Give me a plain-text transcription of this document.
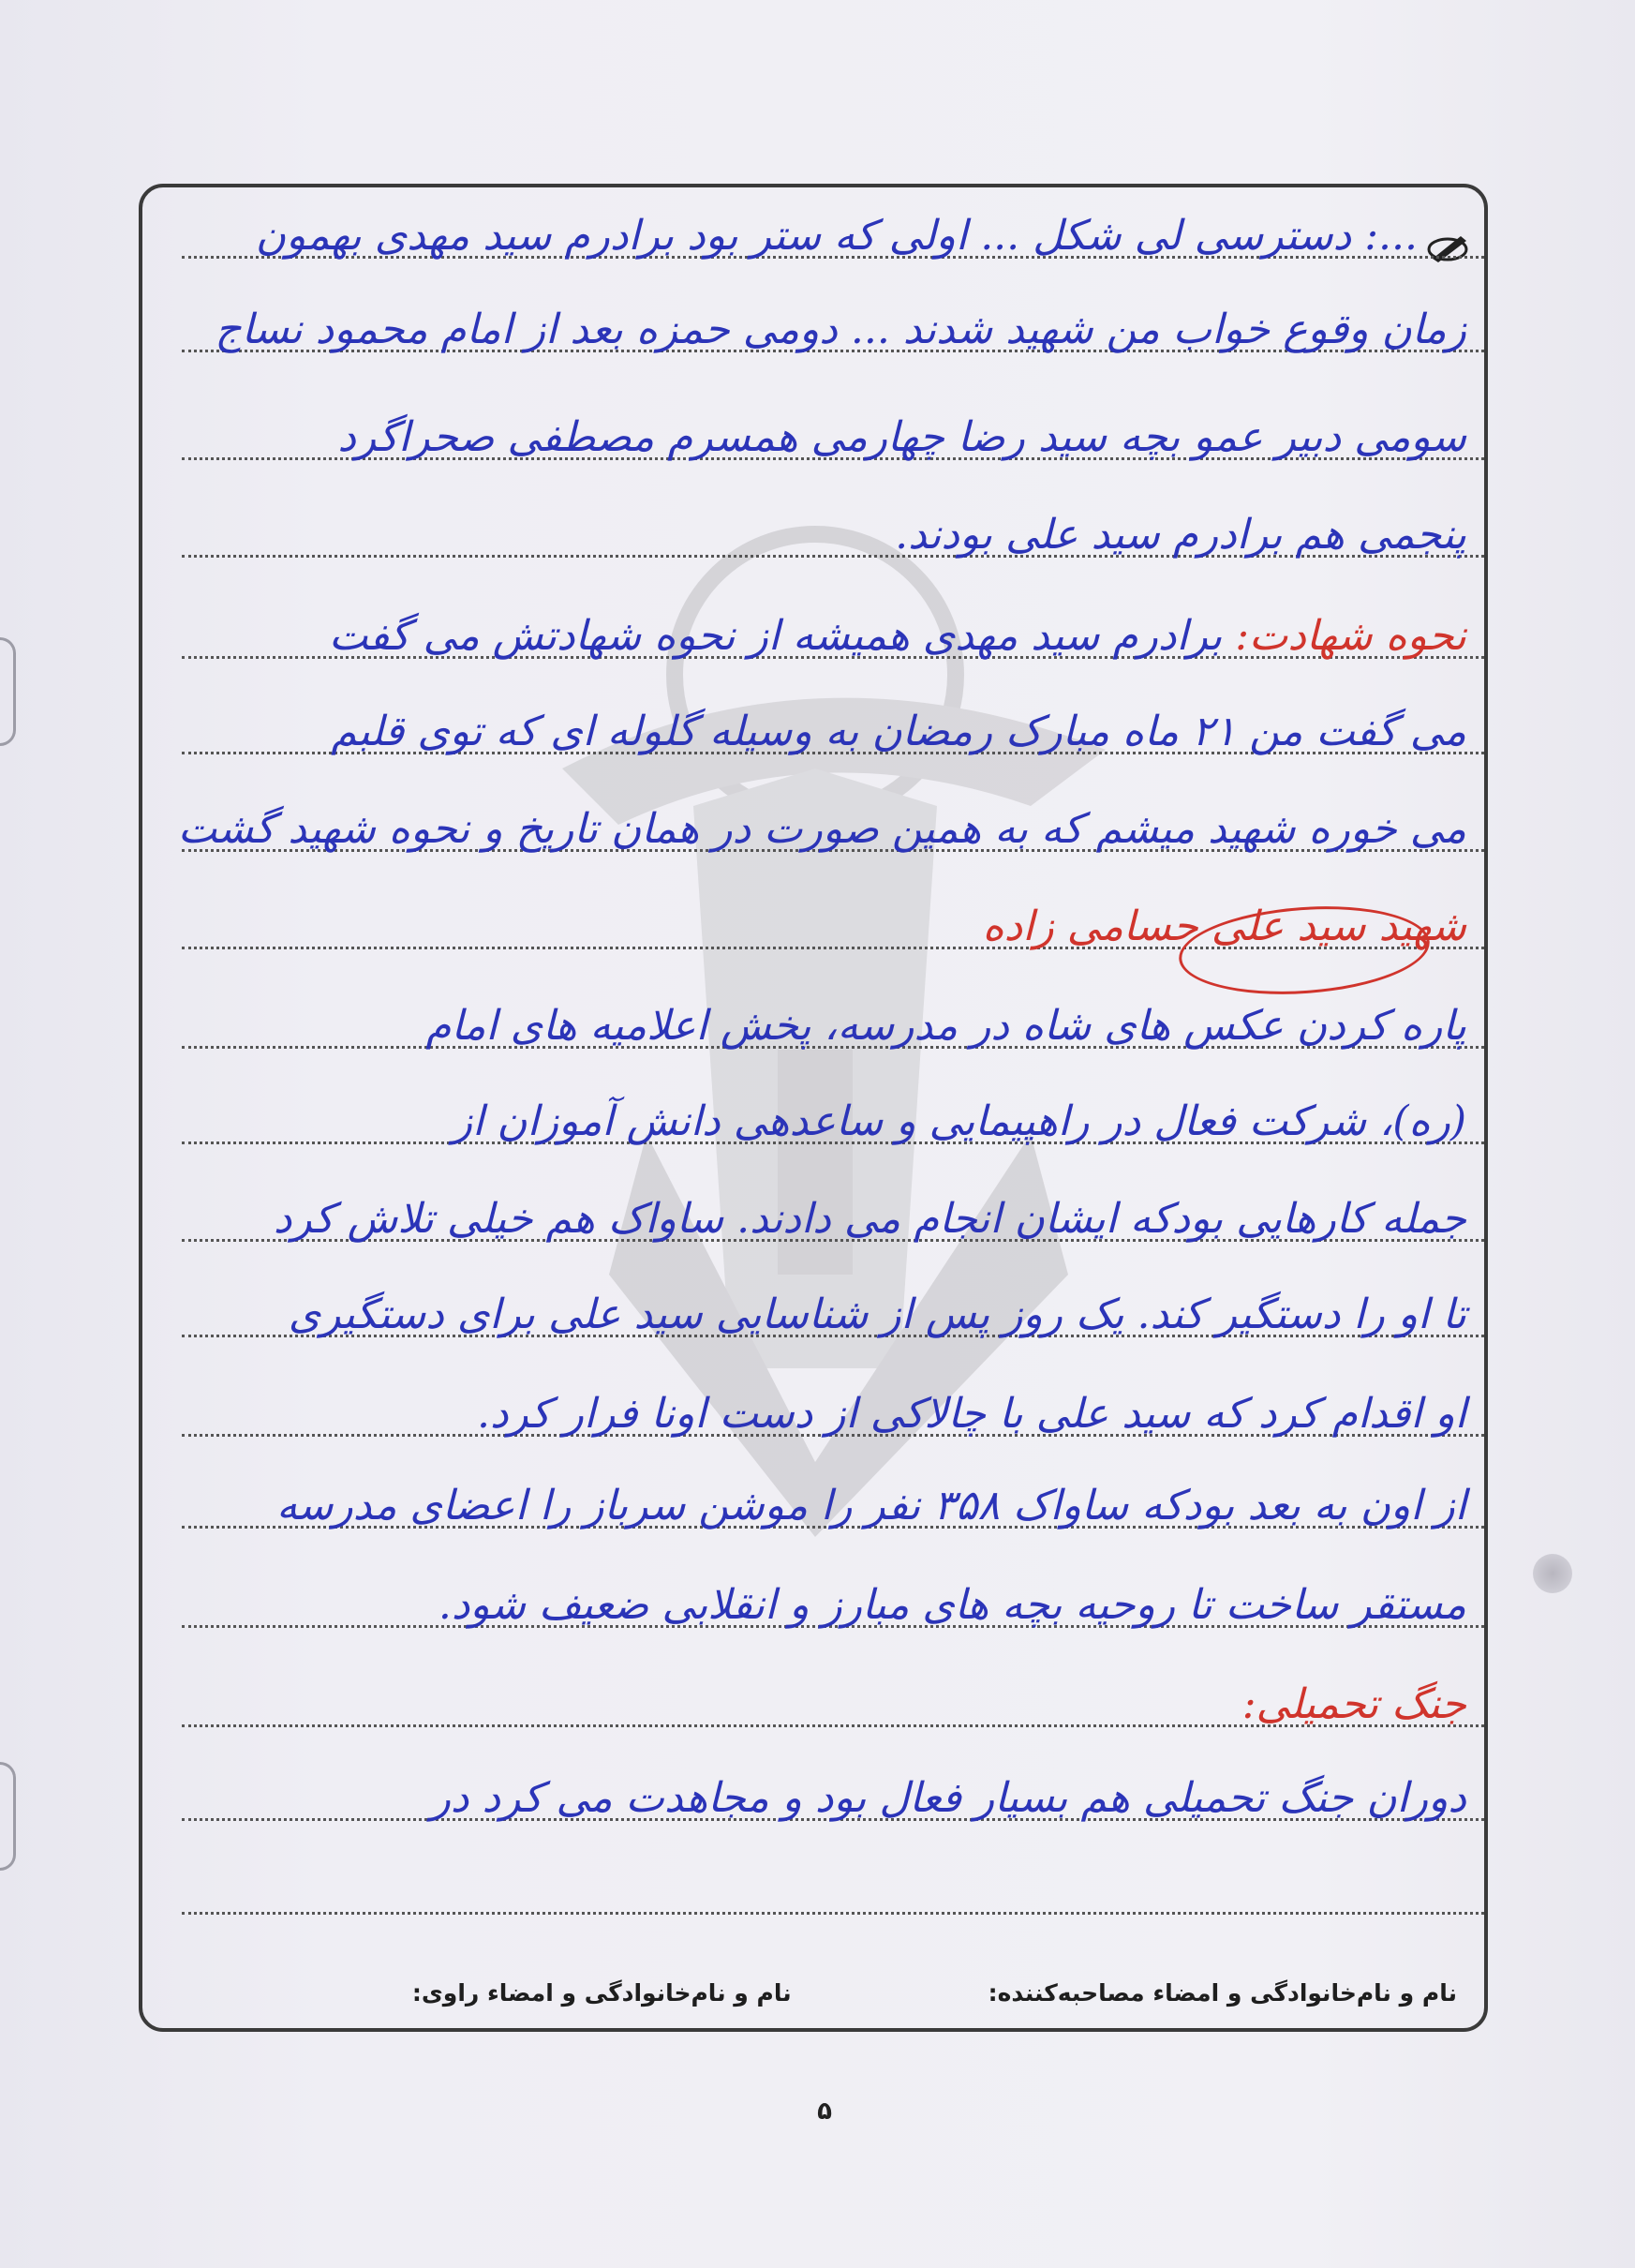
...: دسترسی لی شکل ... اولی که ستر بود برادرم سید مهدی بهمون
زمان وقوع خواب من شهید شدند ... دومی حمزه بعد از امام محمود نساج
سومی دبیر عمو بچه سید رضا چهارمی همسرم مصطفی صحراگرد
پنجمی هم برادرم سید علی بودند.
نحوه شهادت: برادرم سید مهدی همیشه از نحوه شهادتش می گفت
می گفت من ۲۱ ماه مبارک رمضان به وسیله گلوله ای که توی قلبم
می خوره شهید میشم که به همین صورت در همان تاریخ و نحوه شهید گشت
شهید سید علی حسامی زاده
پاره کردن عکس های شاه در مدرسه، پخش اعلامیه های امام
(ره)، شرکت فعال در راهپیمایی و ساعدهی دانش آموزان از
جمله کارهایی بودکه ایشان انجام می دادند. ساواک هم خیلی تلاش کرد
تا او را دستگیر کند. یک روز پس از شناسایی سید علی برای دستگیری
او اقدام کرد که سید علی با چالاکی از دست اونا فرار کرد.
از اون به بعد بودکه ساواک ۳۵۸ نفر را موشن سرباز را اعضای مدرسه
مستقر ساخت تا روحیه بچه های مبارز و انقلابی ضعیف شود.
جنگ تحمیلی:
دوران جنگ تحمیلی هم بسیار فعال بود و مجاهدت می کرد در
نام و نام‌خانوادگی و امضاء مصاحبه‌کننده:نام و نام‌خانوادگی و امضاء راوی:
۵
